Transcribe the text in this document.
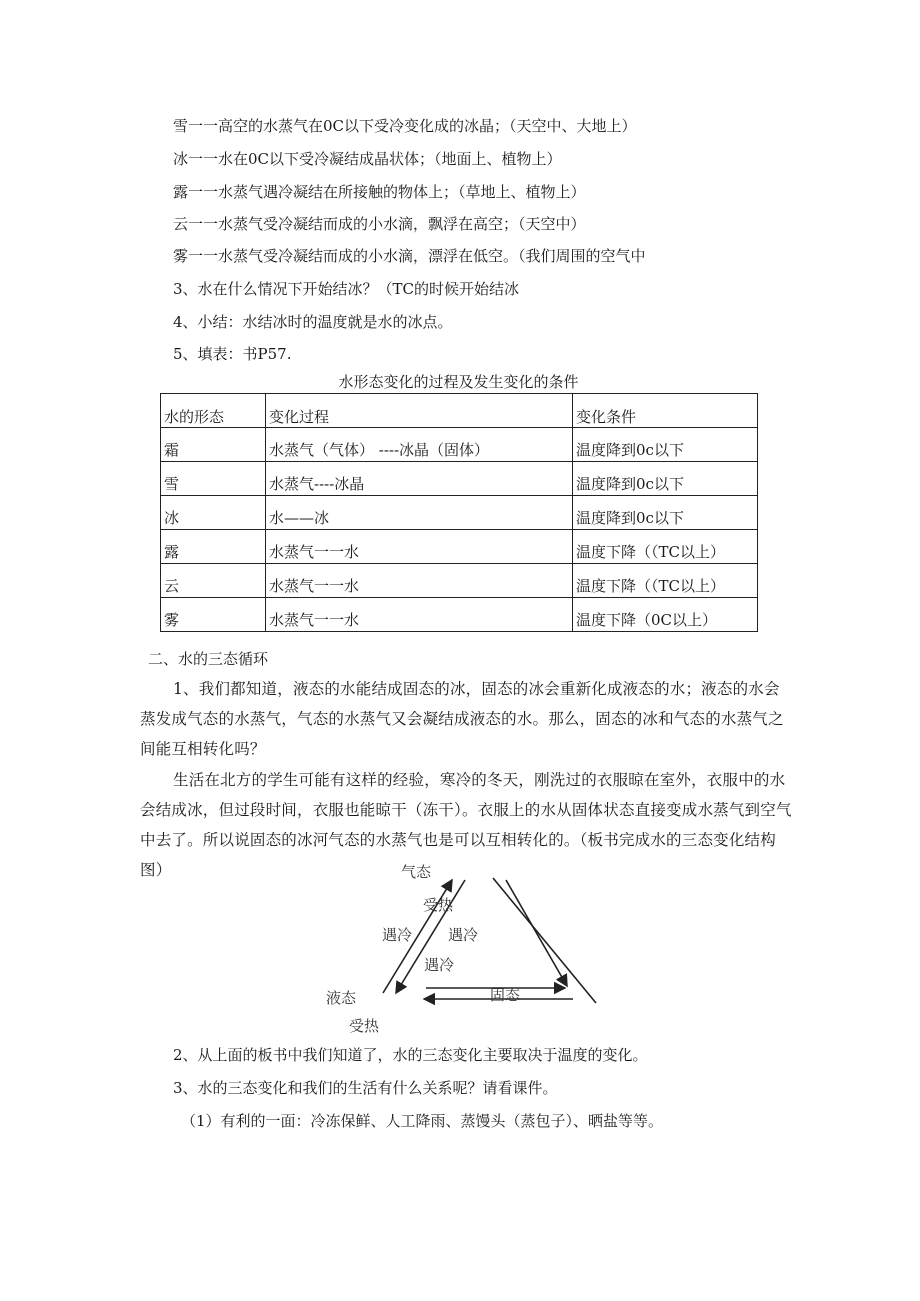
雪一一高空的水蒸气在0C以下受冷变化成的冰晶；（天空中、大地上）
冰一一水在0C以下受冷凝结成晶状体；（地面上、植物上）
露一一水蒸气遇冷凝结在所接触的物体上；（草地上、植物上）
云一一水蒸气受冷凝结而成的小水滴，飘浮在高空；（天空中）
雾一一水蒸气受冷凝结而成的小水滴，漂浮在低空。（我们周围的空气中
3、水在什么情况下开始结冰？（TC的时候开始结冰
4、小结：水结冰时的温度就是水的冰点。
5、填表：书P57.
水形态变化的过程及发生变化的条件
水的形态	变化过程	变化条件
霜	水蒸气（气体） ----冰晶（固体）	温度降到0c以下
雪	水蒸气----冰晶	温度降到0c以下
冰	水——冰	温度降到0c以下
露	水蒸气一一水	温度下降（（TC以上）
云	水蒸气一一水	温度下降（（TC以上）
雾	水蒸气一一水	温度下降（0C以上）
二、水的三态循环
1、我们都知道，液态的水能结成固态的冰，固态的冰会重新化成液态的水；液态的水会蒸发成气态的水蒸气，气态的水蒸气又会凝结成液态的水。那么，固态的冰和气态的水蒸气之间能互相转化吗？
生活在北方的学生可能有这样的经验，寒冷的冬天，刚洗过的衣服晾在室外，衣服中的水会结成冰，但过段时间，衣服也能晾干（冻干）。衣服上的水从固体状态直接变成水蒸气到空气中去了。所以说固态的冰河气态的水蒸气也是可以互相转化的。（板书完成水的三态变化结构图）	气态
受热
遇冷 遇冷
遇冷
液态	固态
受热
2、从上面的板书中我们知道了，水的三态变化主要取决于温度的变化。
3、水的三态变化和我们的生活有什么关系呢？请看课件。
（1）有利的一面：冷冻保鲜、人工降雨、蒸馒头（蒸包子）、晒盐等等。
